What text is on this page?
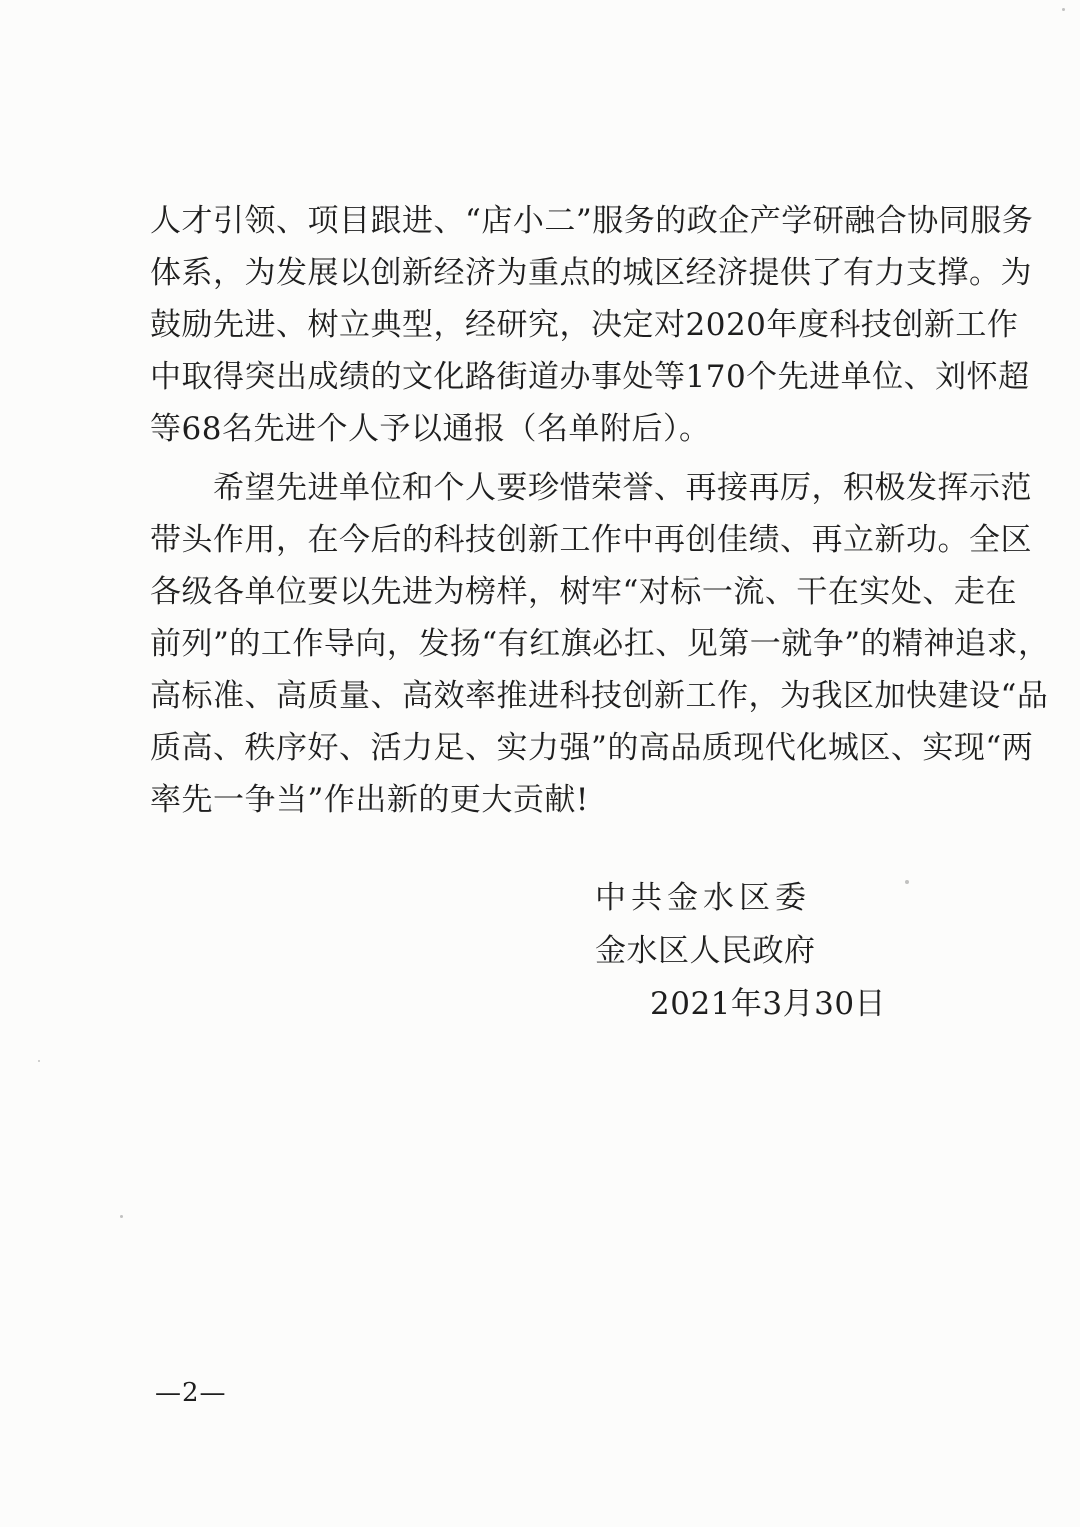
人才引领、项目跟进、“店小二”服务的政企产学研融合协同服务
体系，为发展以创新经济为重点的城区经济提供了有力支撑。为
鼓励先进、树立典型，经研究，决定对2020年度科技创新工作
中取得突出成绩的文化路街道办事处等170个先进单位、刘怀超
等68名先进个人予以通报（名单附后）。
　　希望先进单位和个人要珍惜荣誉、再接再厉，积极发挥示范
带头作用，在今后的科技创新工作中再创佳绩、再立新功。全区
各级各单位要以先进为榜样，树牢“对标一流、干在实处、走在
前列”的工作导向，发扬“有红旗必扛、见第一就争”的精神追求，
高标准、高质量、高效率推进科技创新工作，为我区加快建设“品
质高、秩序好、活力足、实力强”的高品质现代化城区、实现“两
率先一争当”作出新的更大贡献!
中共金水区委
金水区人民政府
2021年3月30日
—2—
